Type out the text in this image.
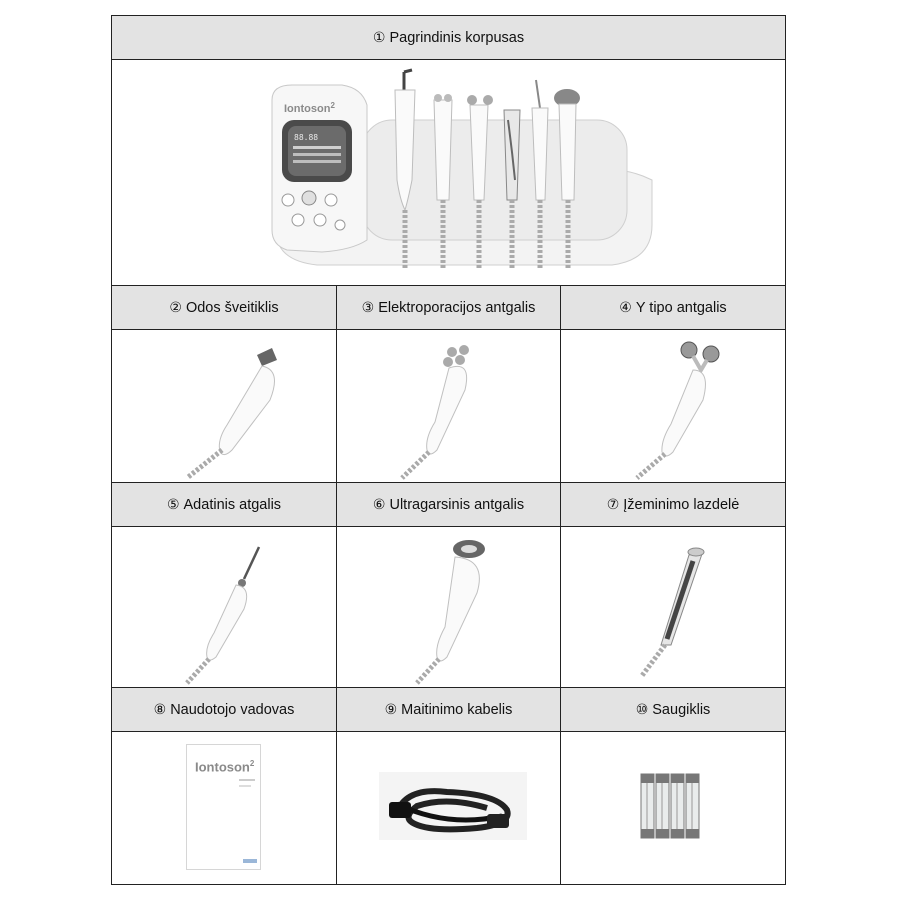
① Pagrindinis korpusas
Iontoson$^2$
88.88
② Odos šveitiklis	③ Elektroporacijos antgalis	④ Y tipo antgalis
⑤ Adatinis atgalis	⑥ Ultragarsinis antgalis	⑦ Įžeminimo lazdelė
⑧ Naudotojo vadovas	⑨ Maitinimo kabelis	⑩ Saugiklis
Iontoson$^2$
